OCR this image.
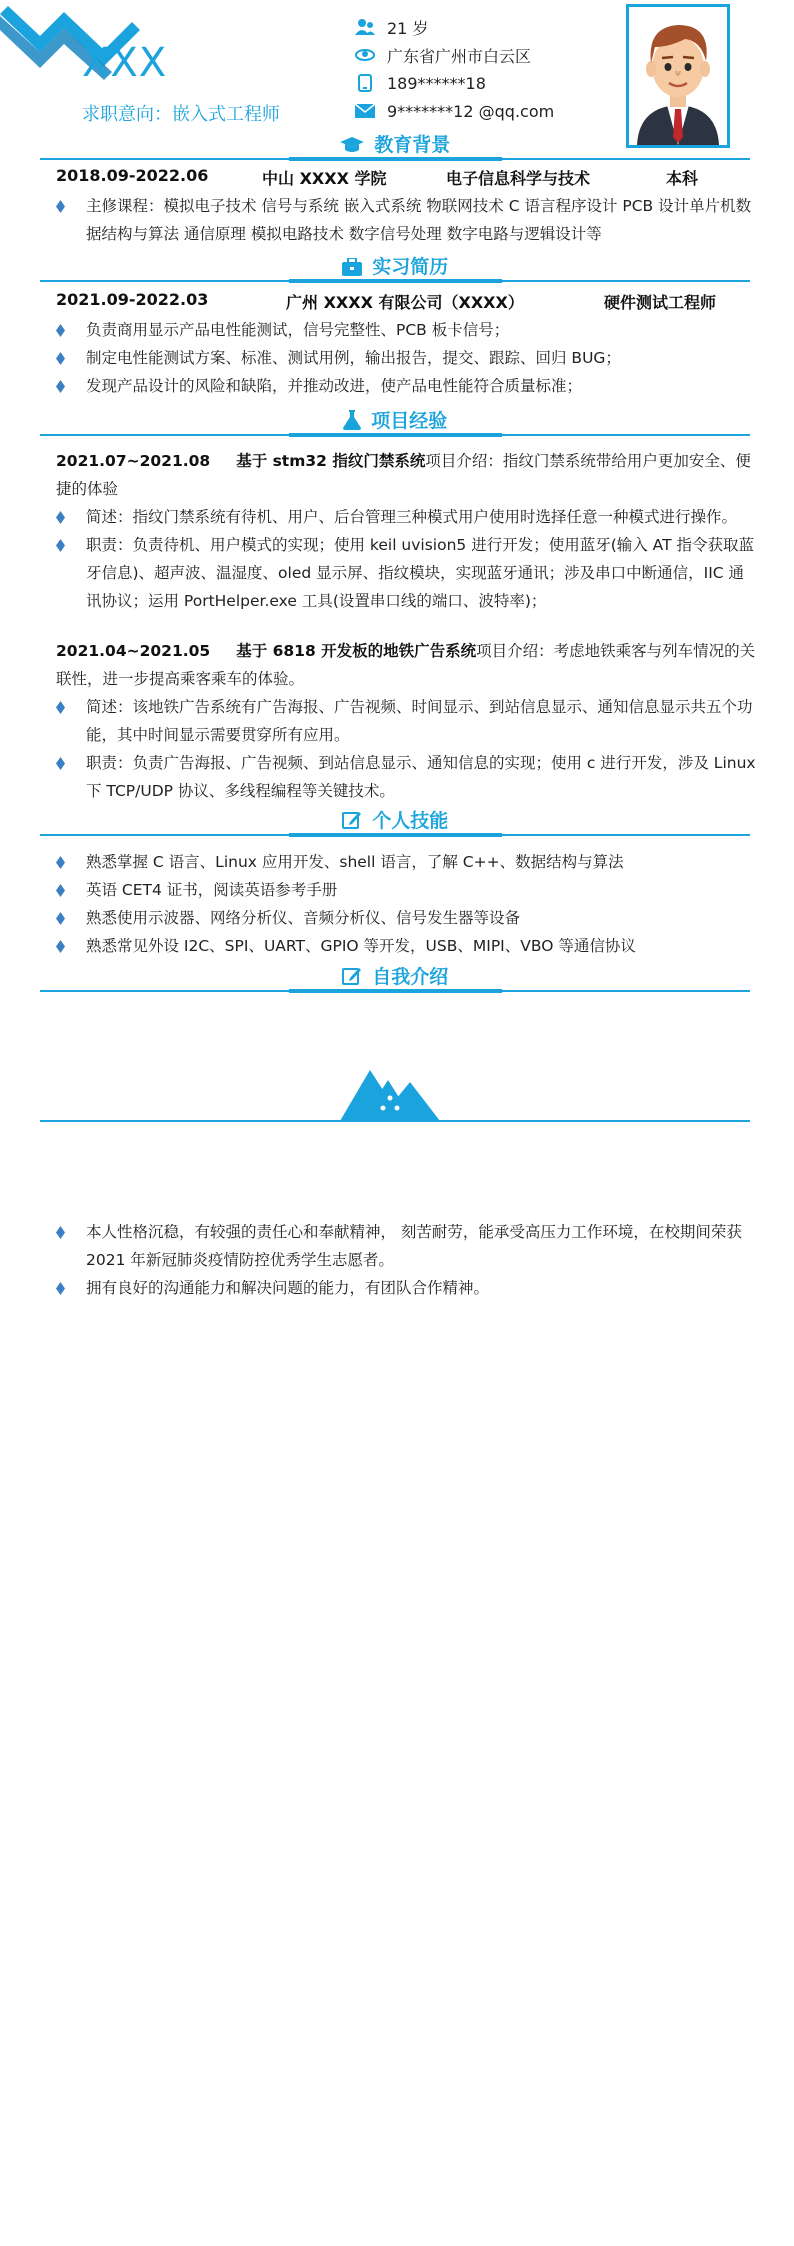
XXX
求职意向：嵌入式工程师
21 岁
广东省广州市白云区
189******18
9*******12 @qq.com
教育背景
2018.09-2022.06	中山 XXXX 学院	电子信息科学与技术	本科
主修课程：模拟电子技术 信号与系统 嵌入式系统 物联网技术 C 语言程序设计 PCB 设计单片机数据结构与算法 通信原理 模拟电路技术 数字信号处理 数字电路与逻辑设计等
实习简历
2021.09-2022.03	广州 XXXX 有限公司（XXXX）	硬件测试工程师
负责商用显示产品电性能测试，信号完整性、PCB 板卡信号；
制定电性能测试方案、标准、测试用例，输出报告，提交、跟踪、回归 BUG；
发现产品设计的风险和缺陷，并推动改进，使产品电性能符合质量标准；
项目经验
2021.07~2021.08 基于 stm32 指纹门禁系统项目介绍：指纹门禁系统带给用户更加安全、便捷的体验
简述：指纹门禁系统有待机、用户、后台管理三种模式用户使用时选择任意一种模式进行操作。
职责：负责待机、用户模式的实现；使用 keil uvision5 进行开发；使用蓝牙(输入 AT 指令获取蓝牙信息)、超声波、温湿度、oled 显示屏、指纹模块，实现蓝牙通讯；涉及串口中断通信，IIC 通讯协议；运用 PortHelper.exe 工具(设置串口线的端口、波特率)；
2021.04~2021.05 基于 6818 开发板的地铁广告系统项目介绍：考虑地铁乘客与列车情况的关联性，进一步提高乘客乘车的体验。
简述：该地铁广告系统有广告海报、广告视频、时间显示、到站信息显示、通知信息显示共五个功能，其中时间显示需要贯穿所有应用。
职责：负责广告海报、广告视频、到站信息显示、通知信息的实现；使用 c 进行开发，涉及 Linux 下 TCP/UDP 协议、多线程编程等关键技术。
个人技能
熟悉掌握 C 语言、Linux 应用开发、shell 语言，了解 C++、数据结构与算法
英语 CET4 证书，阅读英语参考手册
熟悉使用示波器、网络分析仪、音频分析仪、信号发生器等设备
熟悉常见外设 I2C、SPI、UART、GPIO 等开发，USB、MIPI、VBO 等通信协议
自我介绍
本人性格沉稳，有较强的责任心和奉献精神， 刻苦耐劳，能承受高压力工作环境，在校期间荣获 2021 年新冠肺炎疫情防控优秀学生志愿者。
拥有良好的沟通能力和解决问题的能力，有团队合作精神。
